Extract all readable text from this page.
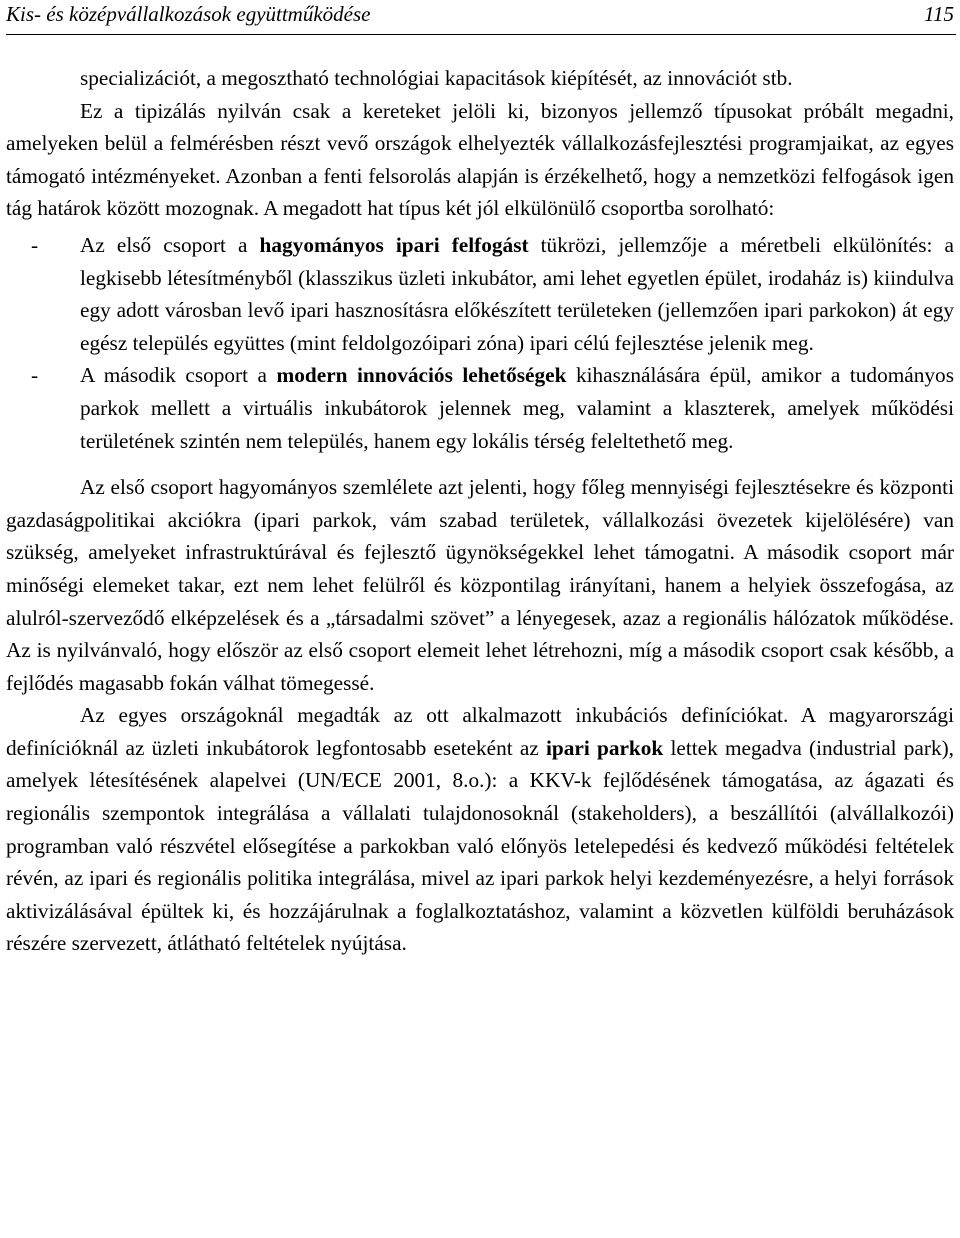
Kis- és középvállalkozások együttműködése	115

specializációt, a megosztható technológiai kapacitások kiépítését, az innovációt stb.

Ez a tipizálás nyilván csak a kereteket jelöli ki, bizonyos jellemző típusokat próbált megadni, amelyeken belül a felmérésben részt vevő országok elhelyezték vállalkozásfejlesztési programjaikat, az egyes támogató intézményeket. Azonban a fenti felsorolás alapján is érzékelhető, hogy a nemzetközi felfogások igen tág határok között mozognak. A megadott hat típus két jól elkülönülő csoportba sorolható:

- Az első csoport a hagyományos ipari felfogást tükrözi, jellemzője a méretbeli elkülönítés: a legkisebb létesítményből (klasszikus üzleti inkubátor, ami lehet egyetlen épület, irodaház is) kiindulva egy adott városban levő ipari hasznosításra előkészített területeken (jellemzően ipari parkokon) át egy egész település együttes (mint feldolgozóipari zóna) ipari célú fejlesztése jelenik meg.
- A második csoport a modern innovációs lehetőségek kihasználására épül, amikor a tudományos parkok mellett a virtuális inkubátorok jelennek meg, valamint a klaszterek, amelyek működési területének szintén nem település, hanem egy lokális térség feleltethető meg.

Az első csoport hagyományos szemlélete azt jelenti, hogy főleg mennyiségi fejlesztésekre és központi gazdaságpolitikai akciókra (ipari parkok, vám szabad területek, vállalkozási övezetek kijelölésére) van szükség, amelyeket infrastruktúrával és fejlesztő ügynökségekkel lehet támogatni. A második csoport már minőségi elemeket takar, ezt nem lehet felülről és központilag irányítani, hanem a helyiek összefogása, az alulról-szerveződő elképzelések és a „társadalmi szövet” a lényegesek, azaz a regionális hálózatok működése. Az is nyilvánvaló, hogy először az első csoport elemeit lehet létrehozni, míg a második csoport csak később, a fejlődés magasabb fokán válhat tömegessé.

Az egyes országoknál megadták az ott alkalmazott inkubációs definíciókat. A magyarországi definícióknál az üzleti inkubátorok legfontosabb eseteként az ipari parkok lettek megadva (industrial park), amelyek létesítésének alapelvei (UN/ECE 2001, 8.o.): a KKV-k fejlődésének támogatása, az ágazati és regionális szempontok integrálása a vállalati tulajdonosoknál (stakeholders), a beszállítói (alvállalkozói) programban való részvétel elősegítése a parkokban való előnyös letelepedési és kedvező működési feltételek révén, az ipari és regionális politika integrálása, mivel az ipari parkok helyi kezdeményezésre, a helyi források aktivizálásával épültek ki, és hozzájárulnak a foglalkoztatáshoz, valamint a közvetlen külföldi beruházások részére szervezett, átlátható feltételek nyújtása.
